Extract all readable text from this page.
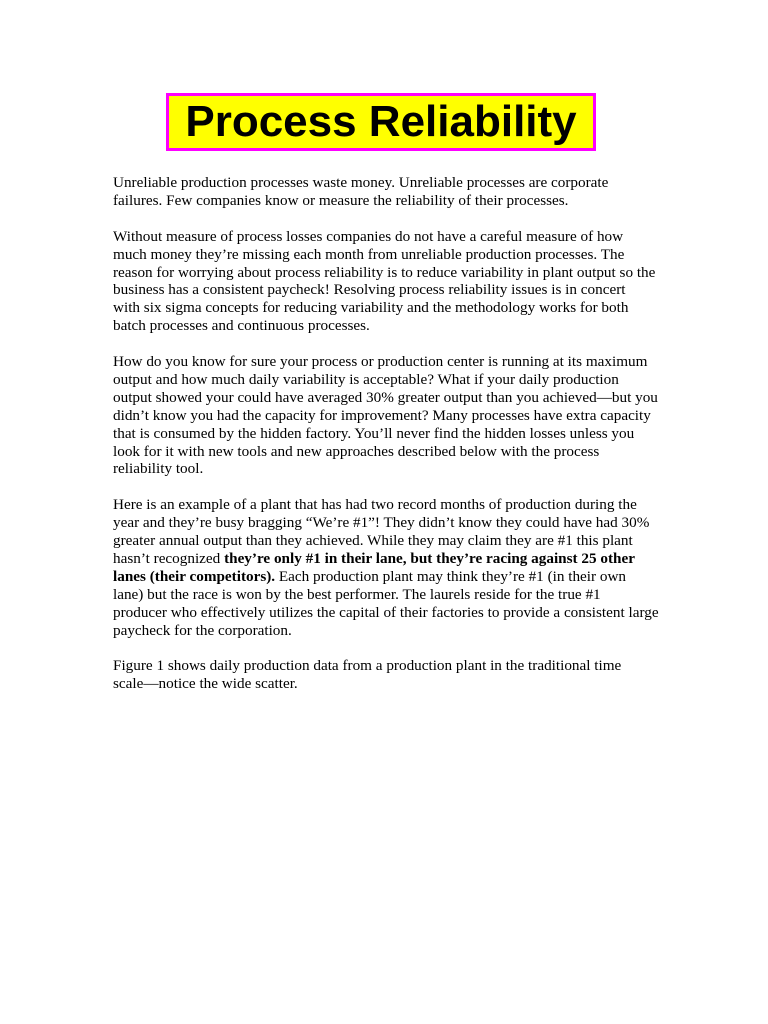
Process Reliability

Unreliable production processes waste money. Unreliable processes are corporate
failures. Few companies know or measure the reliability of their processes.

Without measure of process losses companies do not have a careful measure of how
much money they’re missing each month from unreliable production processes. The
reason for worrying about process reliability is to reduce variability in plant output so the
business has a consistent paycheck! Resolving process reliability issues is in concert
with six sigma concepts for reducing variability and the methodology works for both
batch processes and continuous processes.

How do you know for sure your process or production center is running at its maximum
output and how much daily variability is acceptable? What if your daily production
output showed your could have averaged 30% greater output than you achieved—but you
didn’t know you had the capacity for improvement? Many processes have extra capacity
that is consumed by the hidden factory. You’ll never find the hidden losses unless you
look for it with new tools and new approaches described below with the process
reliability tool.

Here is an example of a plant that has had two record months of production during the
year and they’re busy bragging “We’re #1”! They didn’t know they could have had 30%
greater annual output than they achieved. While they may claim they are #1 this plant
hasn’t recognized they’re only #1 in their lane, but they’re racing against 25 other
lanes (their competitors). Each production plant may think they’re #1 (in their own
lane) but the race is won by the best performer. The laurels reside for the true #1
producer who effectively utilizes the capital of their factories to provide a consistent large
paycheck for the corporation.

Figure 1 shows daily production data from a production plant in the traditional time
scale—notice the wide scatter.
